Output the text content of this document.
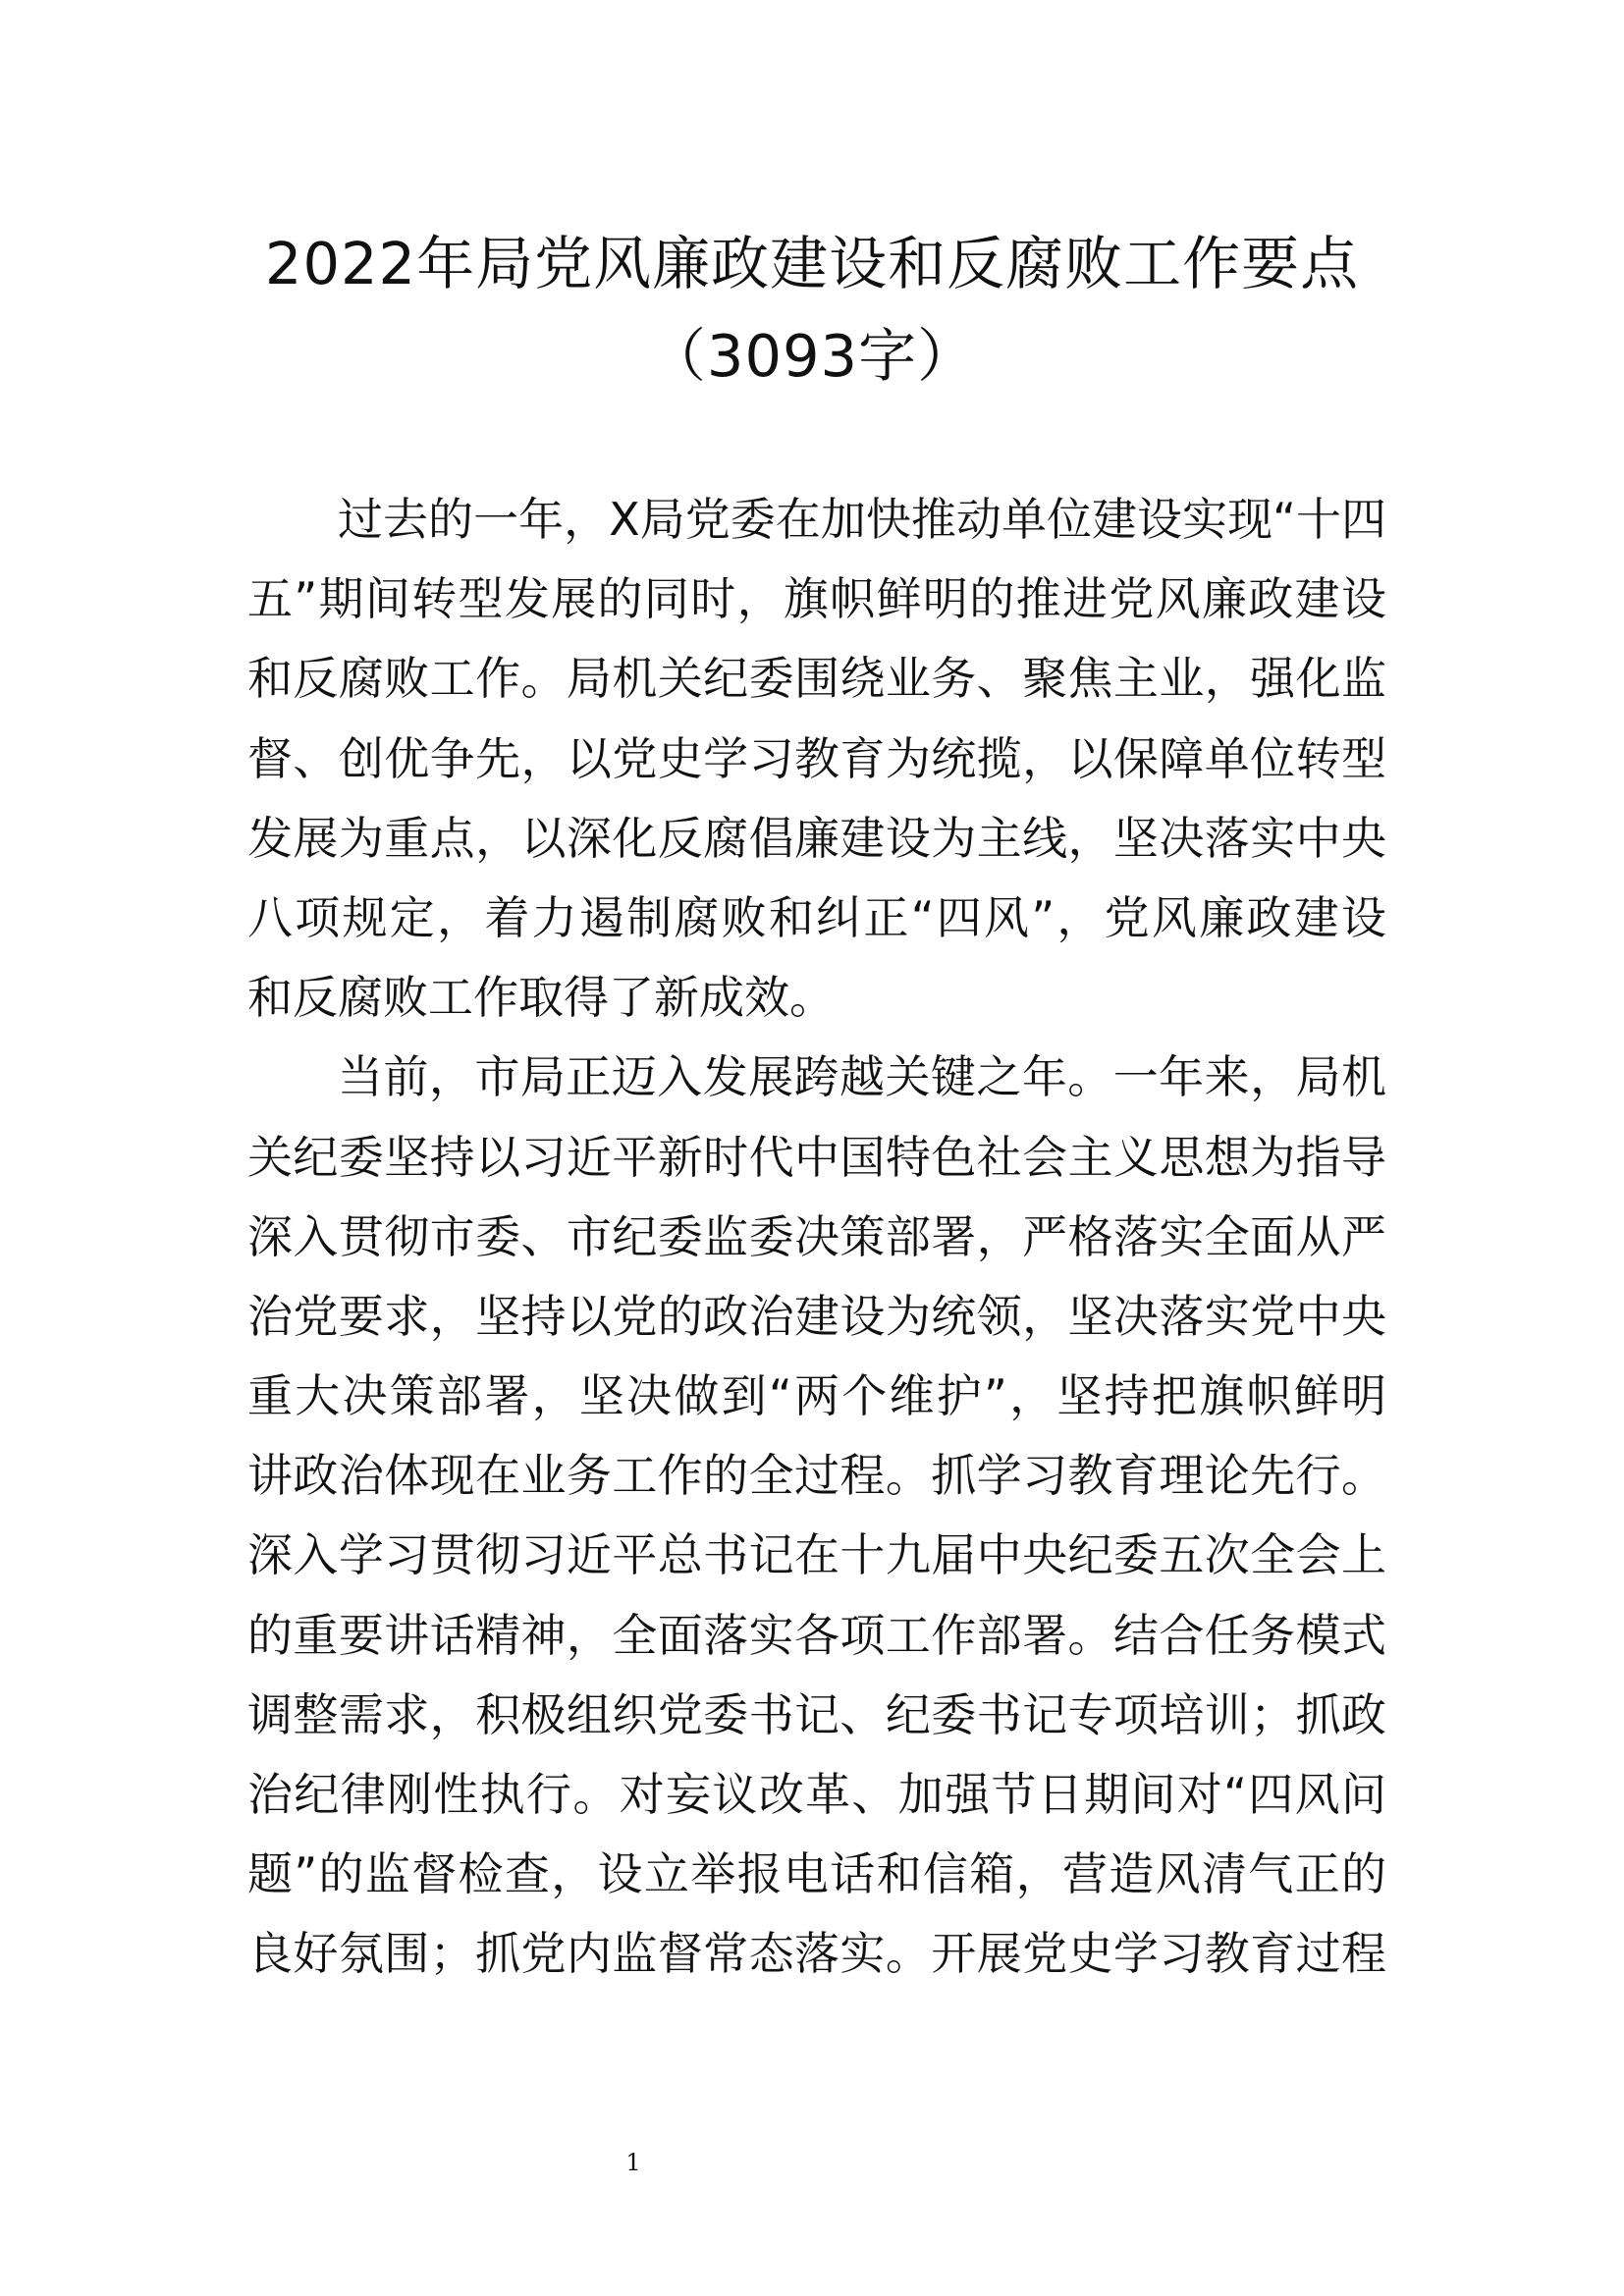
2022年局党风廉政建设和反腐败工作要点
（3093字）
过去的一年，X局党委在加快推动单位建设实现“十四
五”期间转型发展的同时，旗帜鲜明的推进党风廉政建设
和反腐败工作。局机关纪委围绕业务、聚焦主业，强化监
督、创优争先，以党史学习教育为统揽，以保障单位转型
发展为重点，以深化反腐倡廉建设为主线，坚决落实中央
八项规定，着力遏制腐败和纠正“四风”，党风廉政建设
和反腐败工作取得了新成效。
当前，市局正迈入发展跨越关键之年。一年来，局机
关纪委坚持以习近平新时代中国特色社会主义思想为指导
深入贯彻市委、市纪委监委决策部署，严格落实全面从严
治党要求，坚持以党的政治建设为统领，坚决落实党中央
重大决策部署，坚决做到“两个维护”，坚持把旗帜鲜明
讲政治体现在业务工作的全过程。抓学习教育理论先行。
深入学习贯彻习近平总书记在十九届中央纪委五次全会上
的重要讲话精神，全面落实各项工作部署。结合任务模式
调整需求，积极组织党委书记、纪委书记专项培训；抓政
治纪律刚性执行。对妄议改革、加强节日期间对“四风问
题”的监督检查，设立举报电话和信箱，营造风清气正的
良好氛围；抓党内监督常态落实。开展党史学习教育过程
1
